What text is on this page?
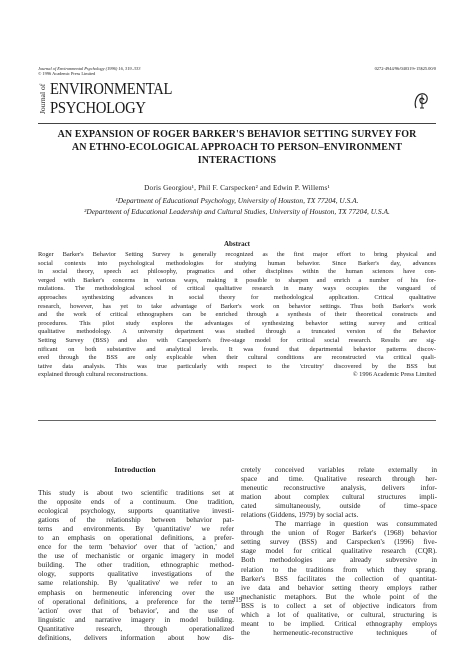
Journal of Environmental Psychology (1996) 16, 319–333
© 1996 Academic Press Limited
0272-4944/96/040319+15$25.00/0
Journal of ENVIRONMENTAL
PSYCHOLOGY
AN EXPANSION OF ROGER BARKER'S BEHAVIOR SETTING SURVEY FOR
AN ETHNO-ECOLOGICAL APPROACH TO PERSON–ENVIRONMENT
INTERACTIONS
Doris Georgiou¹, Phil F. Carspecken² and Edwin P. Willems¹
¹Department of Educational Psychology, University of Houston, TX 77204, U.S.A.
²Department of Educational Leadership and Cultural Studies, University of Houston, TX 77204, U.S.A.
Abstract
Roger Barker's Behavior Setting Survey is generally recognized as the first major effort to bring physical and
social contexts into psychological methodologies for studying human behavior. Since Barker's day, advances
in social theory, speech act philosophy, pragmatics and other disciplines within the human sciences have con-
verged with Barker's concerns in various ways, making it possible to sharpen and enrich a number of his for-
mulations. The methodological school of critical qualitative research in many ways occupies the vanguard of
approaches synthesizing advances in social theory for methodological application. Critical qualitative
research, however, has yet to take advantage of Barker's work on behavior settings. Thus both Barker's work
and the work of critical ethnographers can be enriched through a synthesis of their theoretical constructs and
procedures. This pilot study explores the advantages of synthesizing behavior setting survey and critical
qualitative methodology. A university department was studied through a truncated version of the Behavior
Setting Survey (BSS) and also with Carspecken's five-stage model for critical social research. Results are sig-
nificant on both substantive and analytical levels. It was found that departmental behavior patterns discov-
ered through the BSS are only explicable when their cultural conditions are reconstructed via critical quali-
tative data analysis. This was true particularly with respect to the 'circuitry' discovered by the BSS but
explained through cultural reconstructions.	© 1996 Academic Press Limited
Introduction
This study is about two scientific traditions set at
the opposite ends of a continuum. One tradition,
ecological psychology, supports quantitative investi-
gations of the relationship between behavior pat-
terns and environments. By 'quantitative' we refer
to an emphasis on operational definitions, a prefer-
ence for the term 'behavior' over that of 'action,' and
the use of mechanistic or organic imagery in model
building. The other tradition, ethnographic method-
ology, supports qualitative investigations of the
same relationship. By 'qualitative' we refer to an
emphasis on hermeneutic inferencing over the use
of operational definitions, a preference for the term
'action' over that of 'behavior', and the use of
linguistic and narrative imagery in model building.
Quantitative research, through operationalized
definitions, delivers information about how dis-
cretely conceived variables relate externally in
space and time. Qualitative research through her-
meneutic reconstructive analysis, delivers infor-
mation about complex cultural structures impli-
cated simultaneously, outside of time–space
relations (Giddens, 1979) by social acts.
The marriage in question was consummated
through the union of Roger Barker's (1968) behavior
setting survey (BSS) and Carspecken's (1996) five-
stage model for critical qualitative research (CQR).
Both methodologies are already subversive in
relation to the traditions from which they sprang.
Barker's BSS facilitates the collection of quantitat-
ive data and behavior setting theory employs rather
mechanistic metaphors. But the whole point of the
BSS is to collect a set of objective indicators from
which a lot of qualitative, or cultural, structuring is
meant to be implied. Critical ethnography employs
the hermeneutic-reconstructive techniques of
319
